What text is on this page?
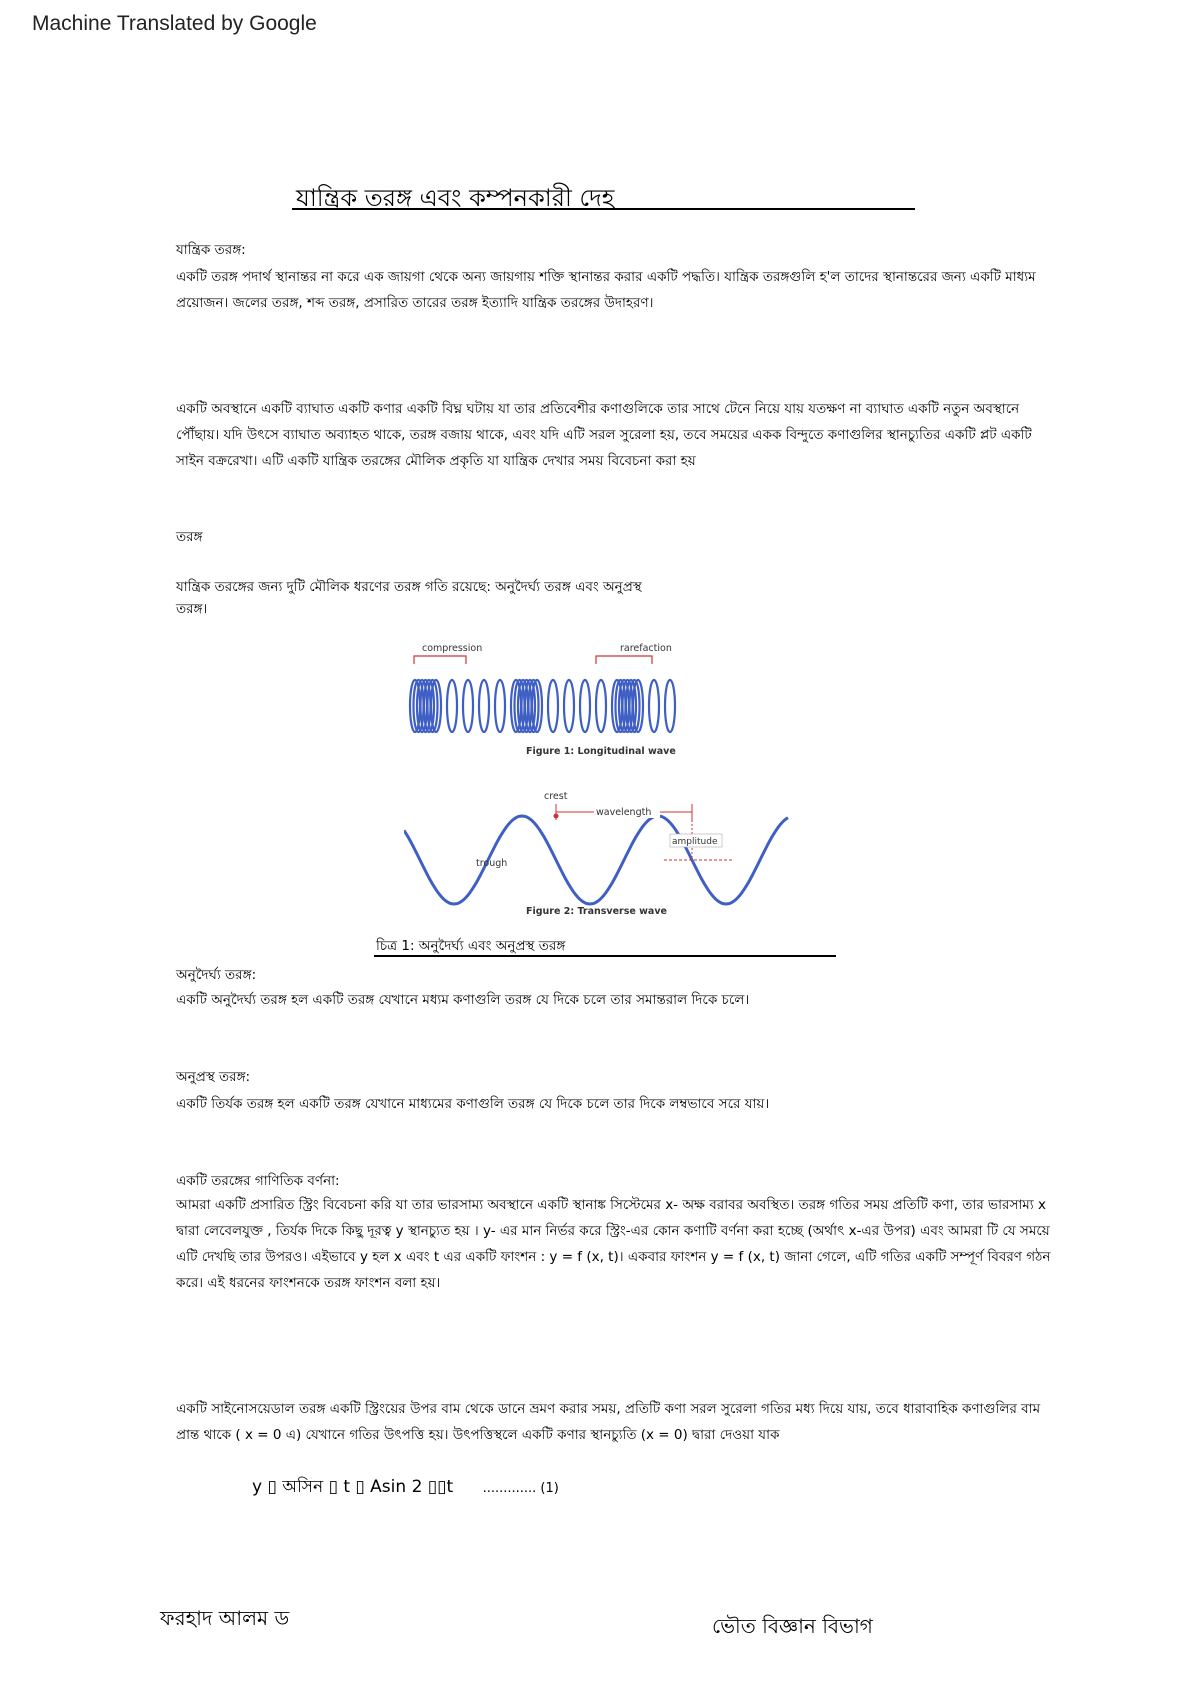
Machine Translated by Google
যান্ত্রিক তরঙ্গ এবং কম্পনকারী দেহ
যান্ত্রিক তরঙ্গ:
একটি তরঙ্গ পদার্থ স্থানান্তর না করে এক জায়গা থেকে অন্য জায়গায় শক্তি স্থানান্তর করার একটি পদ্ধতি। যান্ত্রিক তরঙ্গগুলি হ'ল তাদের স্থানান্তরের জন্য একটি মাধ্যম প্রয়োজন। জলের তরঙ্গ, শব্দ তরঙ্গ, প্রসারিত তারের তরঙ্গ ইত্যাদি যান্ত্রিক তরঙ্গের উদাহরণ।
একটি অবস্থানে একটি ব্যাঘাত একটি কণার একটি বিঘ্ন ঘটায় যা তার প্রতিবেশীর কণাগুলিকে তার সাথে টেনে নিয়ে যায় যতক্ষণ না ব্যাঘাত একটি নতুন অবস্থানে পৌঁছায়। যদি উৎসে ব্যাঘাত অব্যাহত থাকে, তরঙ্গ বজায় থাকে, এবং যদি এটি সরল সুরেলা হয়, তবে সময়ের একক বিন্দুতে কণাগুলির স্থানচ্যুতির একটি প্লট একটি সাইন বক্ররেখা। এটি একটি যান্ত্রিক তরঙ্গের মৌলিক প্রকৃতি যা যান্ত্রিক দেখার সময় বিবেচনা করা হয়
তরঙ্গ
যান্ত্রিক তরঙ্গের জন্য দুটি মৌলিক ধরণের তরঙ্গ গতি রয়েছে: অনুদৈর্ঘ্য তরঙ্গ এবং অনুপ্রস্থ তরঙ্গ।
compression	rarefaction
Figure 1: Longitudinal wave
crest
wavelength
amplitude
trough
Figure 2: Transverse wave
চিত্র 1: অনুদৈর্ঘ্য এবং অনুপ্রস্থ তরঙ্গ
অনুদৈর্ঘ্য তরঙ্গ:
একটি অনুদৈর্ঘ্য তরঙ্গ হল একটি তরঙ্গ যেখানে মধ্যম কণাগুলি তরঙ্গ যে দিকে চলে তার সমান্তরাল দিকে চলে।
অনুপ্রস্থ তরঙ্গ:
একটি তির্যক তরঙ্গ হল একটি তরঙ্গ যেখানে মাধ্যমের কণাগুলি তরঙ্গ যে দিকে চলে তার দিকে লম্বভাবে সরে যায়।
একটি তরঙ্গের গাণিতিক বর্ণনা:
আমরা একটি প্রসারিত স্ট্রিং বিবেচনা করি যা তার ভারসাম্য অবস্থানে একটি স্থানাঙ্ক সিস্টেমের x- অক্ষ বরাবর অবস্থিত। তরঙ্গ গতির সময় প্রতিটি কণা, তার ভারসাম্য x দ্বারা লেবেলযুক্ত , তির্যক দিকে কিছু দূরত্ব y স্থানচ্যুত হয় । y- এর মান নির্ভর করে স্ট্রিং-এর কোন কণাটি বর্ণনা করা হচ্ছে (অর্থাৎ x-এর উপর) এবং আমরা টি যে সময়ে এটি দেখছি তার উপরও। এইভাবে y হল x এবং t এর একটি ফাংশন : y = f (x, t)। একবার ফাংশন y = f (x, t) জানা গেলে, এটি গতির একটি সম্পূর্ণ বিবরণ গঠন করে। এই ধরনের ফাংশনকে তরঙ্গ ফাংশন বলা হয়।
একটি সাইনোসয়েডাল তরঙ্গ একটি স্ট্রিংয়ের উপর বাম থেকে ডানে ভ্রমণ করার সময়, প্রতিটি কণা সরল সুরেলা গতির মধ্য দিয়ে যায়, তবে ধারাবাহিক কণাগুলির বাম প্রান্ত থাকে ( x = 0 এ) যেখানে গতির উৎপত্তি হয়। উৎপত্তিস্থলে একটি কণার স্থানচ্যুতি (x = 0) দ্বারা দেওয়া যাক
y ▯ অসিন ▯ t ▯ Asin 2 ▯▯t ............. (1)
ফরহাদ আলম ড	ভৌত বিজ্ঞান বিভাগ
